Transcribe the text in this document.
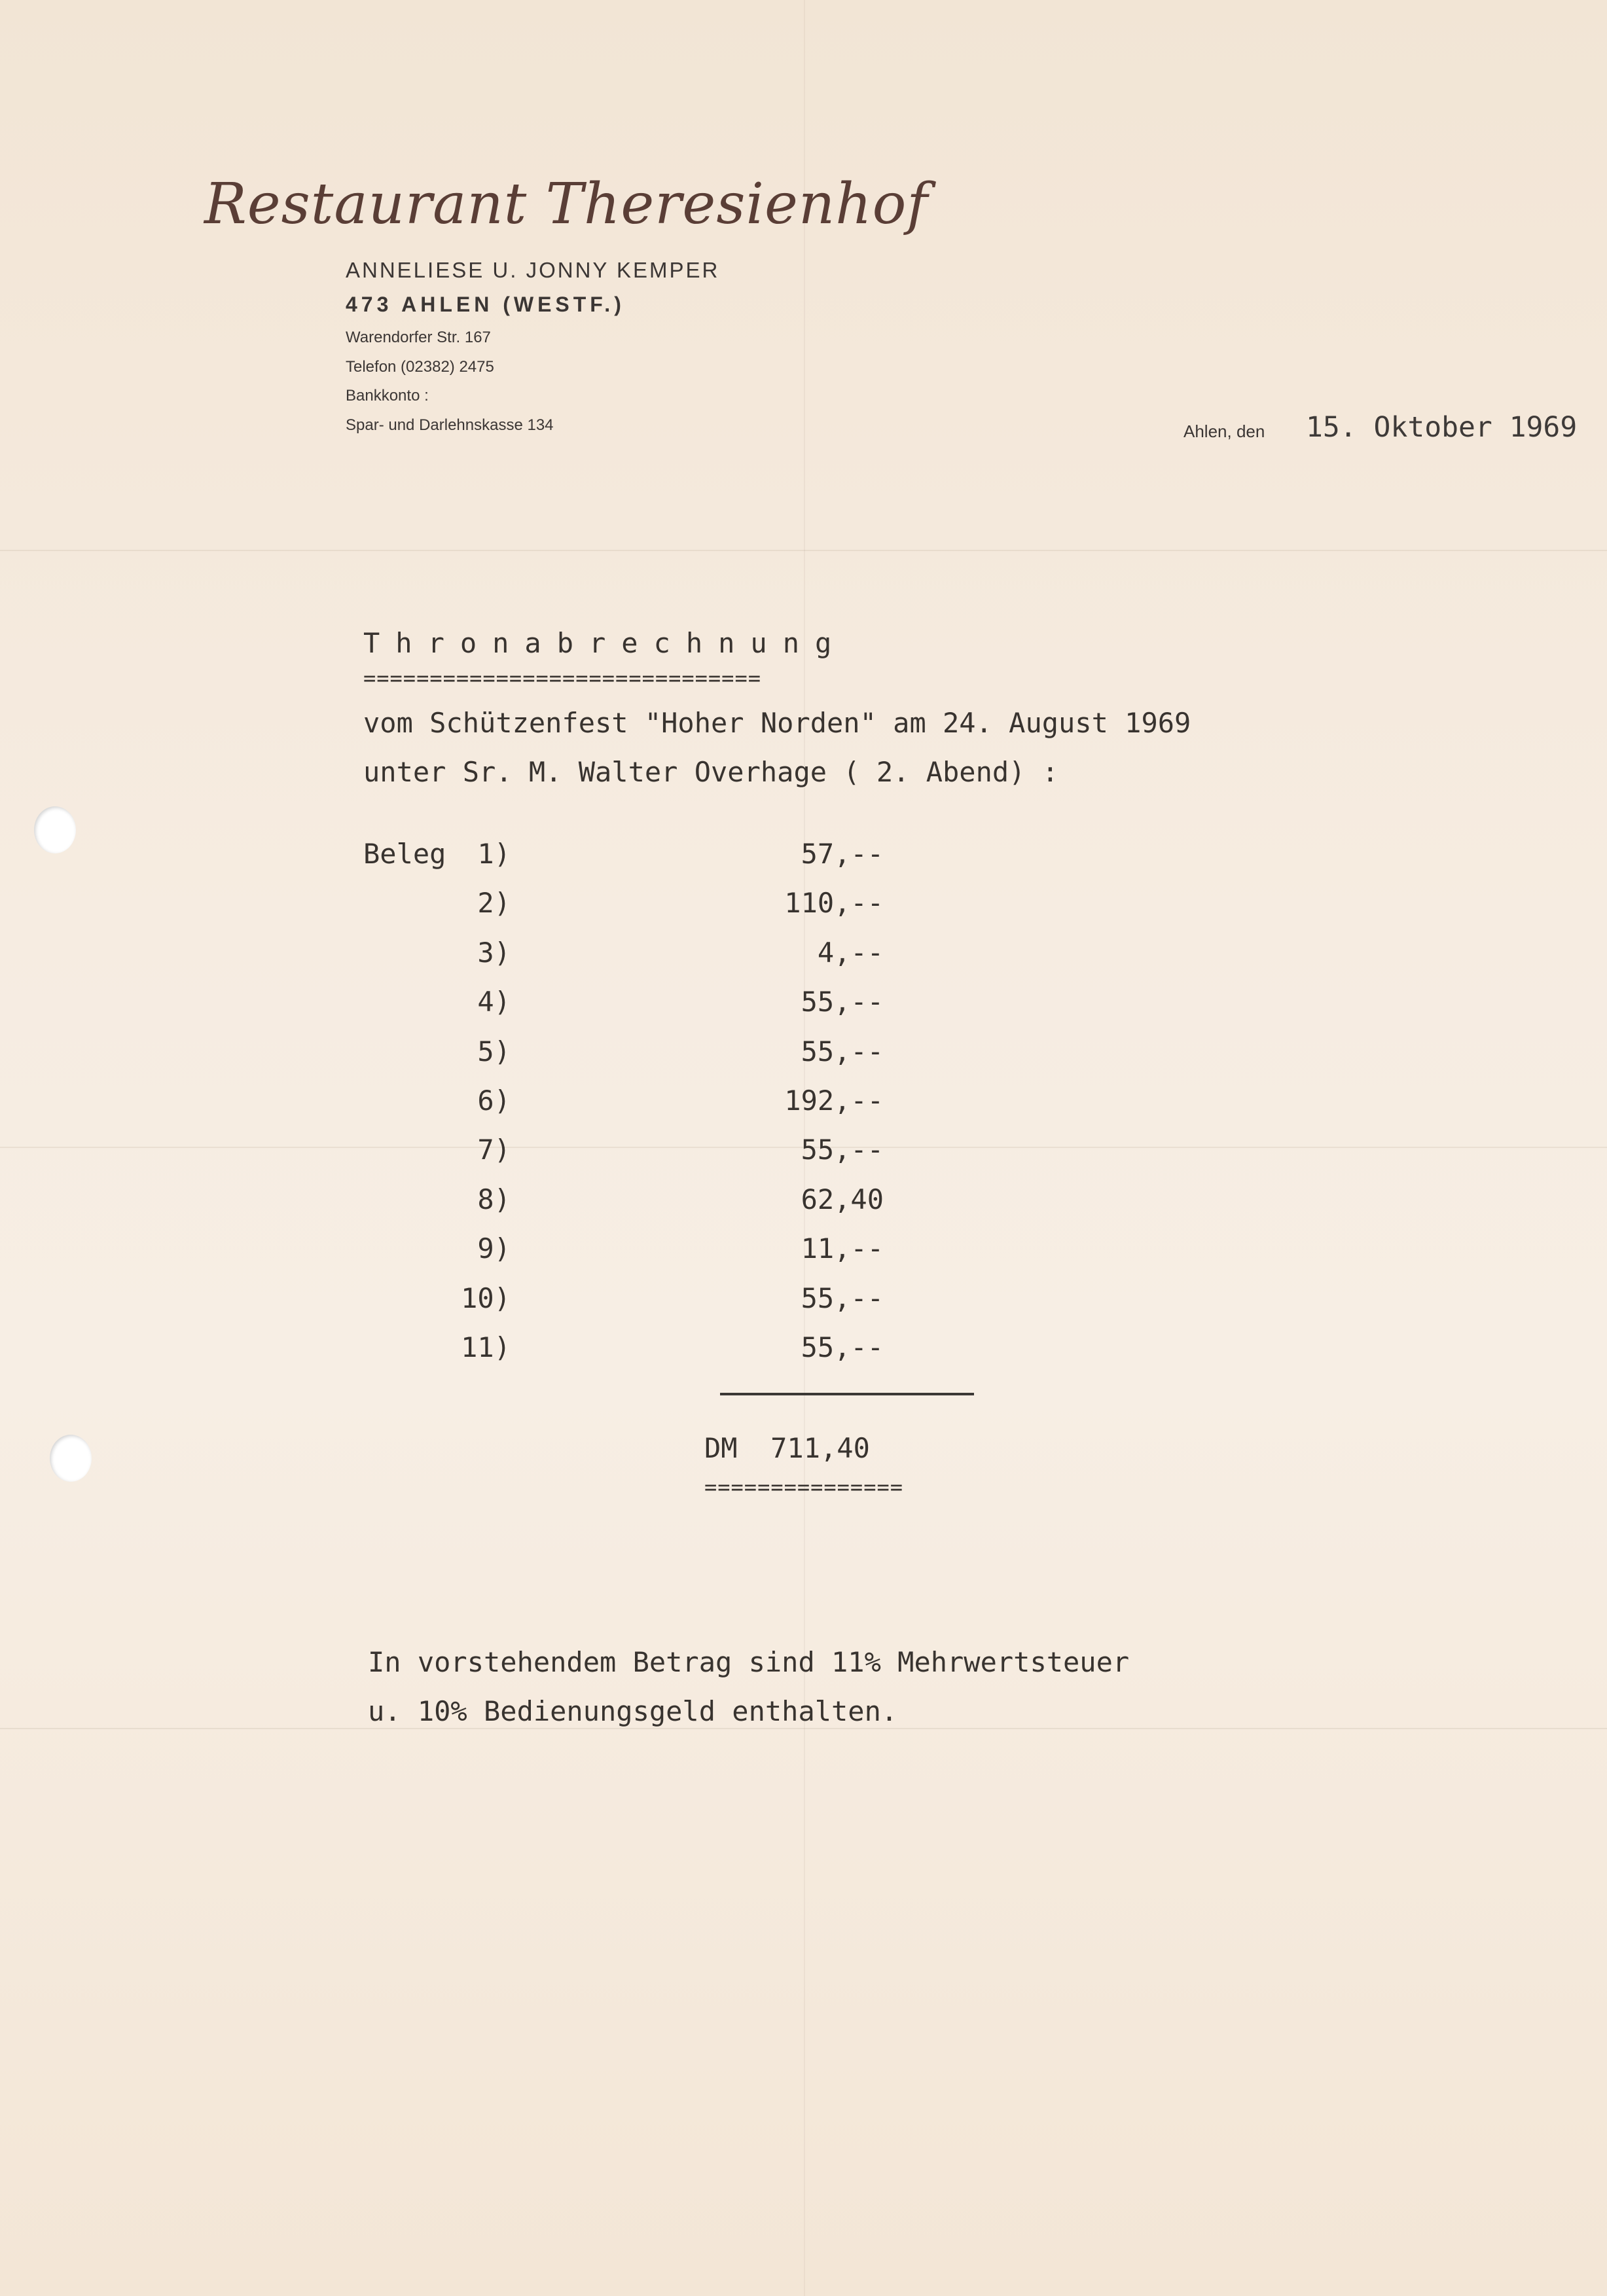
Restaurant Theresienhof
ANNELIESE U. JONNY KEMPER
473 AHLEN (WESTF.)
Warendorfer Str. 167
Telefon (02382) 2475
Bankkonto :
Spar- und Darlehnskasse 134	Ahlen, den 15. Oktober 1969
Thronabrechnung
==============================
vom Schützenfest "Hoher Norden" am 24. August 1969
unter Sr. M. Walter Overhage ( 2. Abend) :
Beleg	1)	57,--
2)	110,--
3)	4,--
4)	55,--
5)	55,--
6)	192,--
7)	55,--
8)	62,40
9)	11,--
10)	55,--
11)	55,--
DM  711,40
===============
In vorstehendem Betrag sind 11% Mehrwertsteuer
u. 10% Bedienungsgeld enthalten.
